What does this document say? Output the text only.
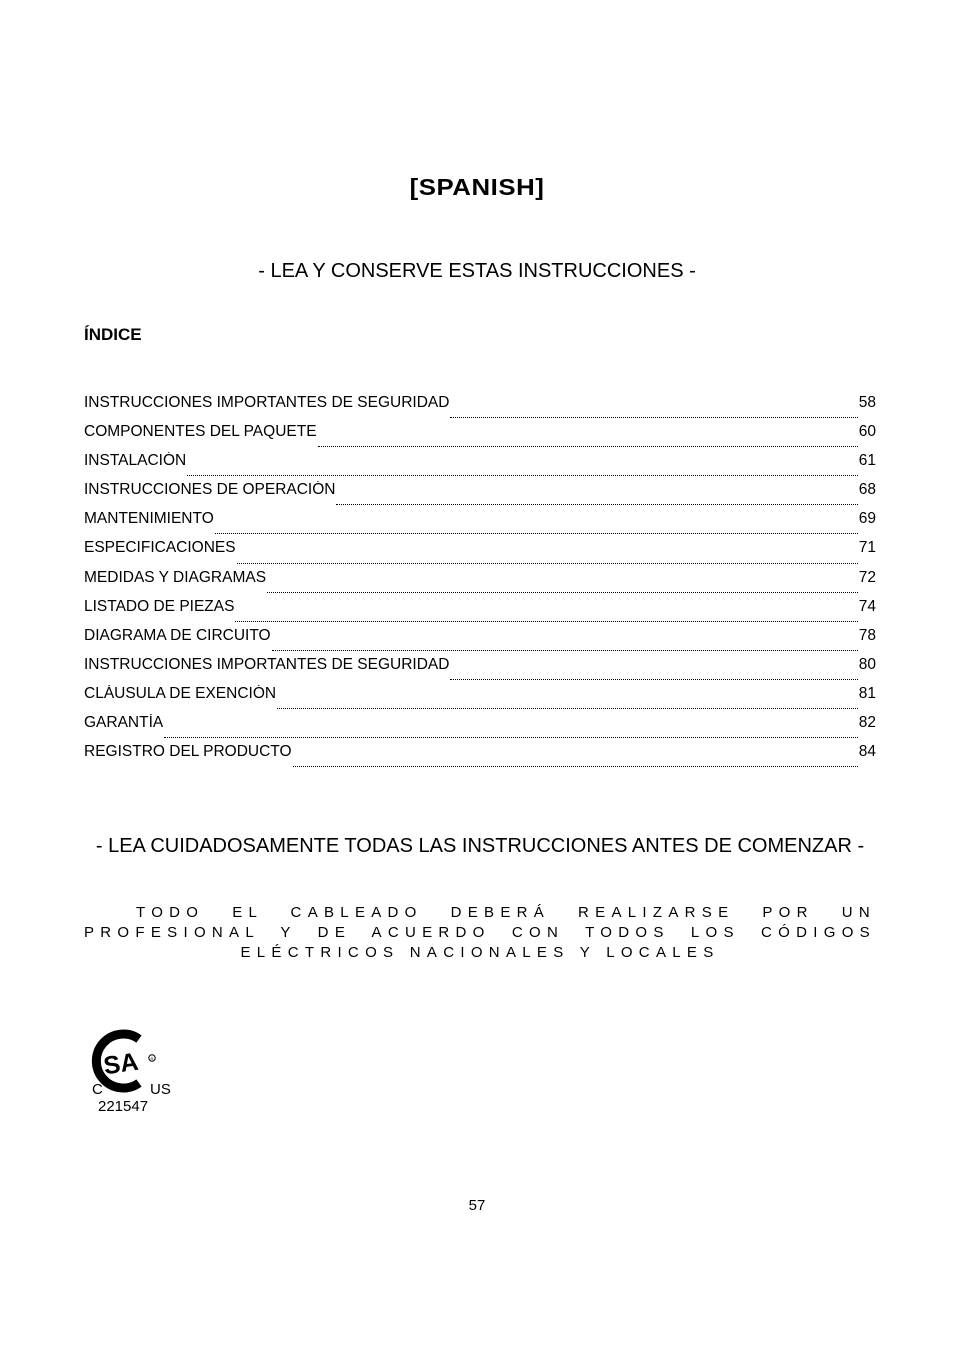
[SPANISH]
- LEA Y CONSERVE ESTAS INSTRUCCIONES -
ÍNDICE
INSTRUCCIONES IMPORTANTES DE SEGURIDAD	58
COMPONENTES DEL PAQUETE	60
INSTALACIÓN	61
INSTRUCCIONES DE OPERACIÓN	68
MANTENIMIENTO	69
ESPECIFICACIONES	71
MEDIDAS Y DIAGRAMAS	72
LISTADO DE PIEZAS	74
DIAGRAMA DE CIRCUITO	78
INSTRUCCIONES IMPORTANTES DE SEGURIDAD	80
CLÁUSULA DE EXENCIÓN	81
GARANTÍA	82
REGISTRO DEL PRODUCTO	84
- LEA CUIDADOSAMENTE TODAS LAS INSTRUCCIONES ANTES DE COMENZAR -
TODO EL CABLEADO DEBERÁ REALIZARSE POR UN PROFESIONAL Y DE ACUERDO CON TODOS LOS CÓDIGOS ELÉCTRICOS NACIONALES Y LOCALES
SA	R
C	US
221547
57
